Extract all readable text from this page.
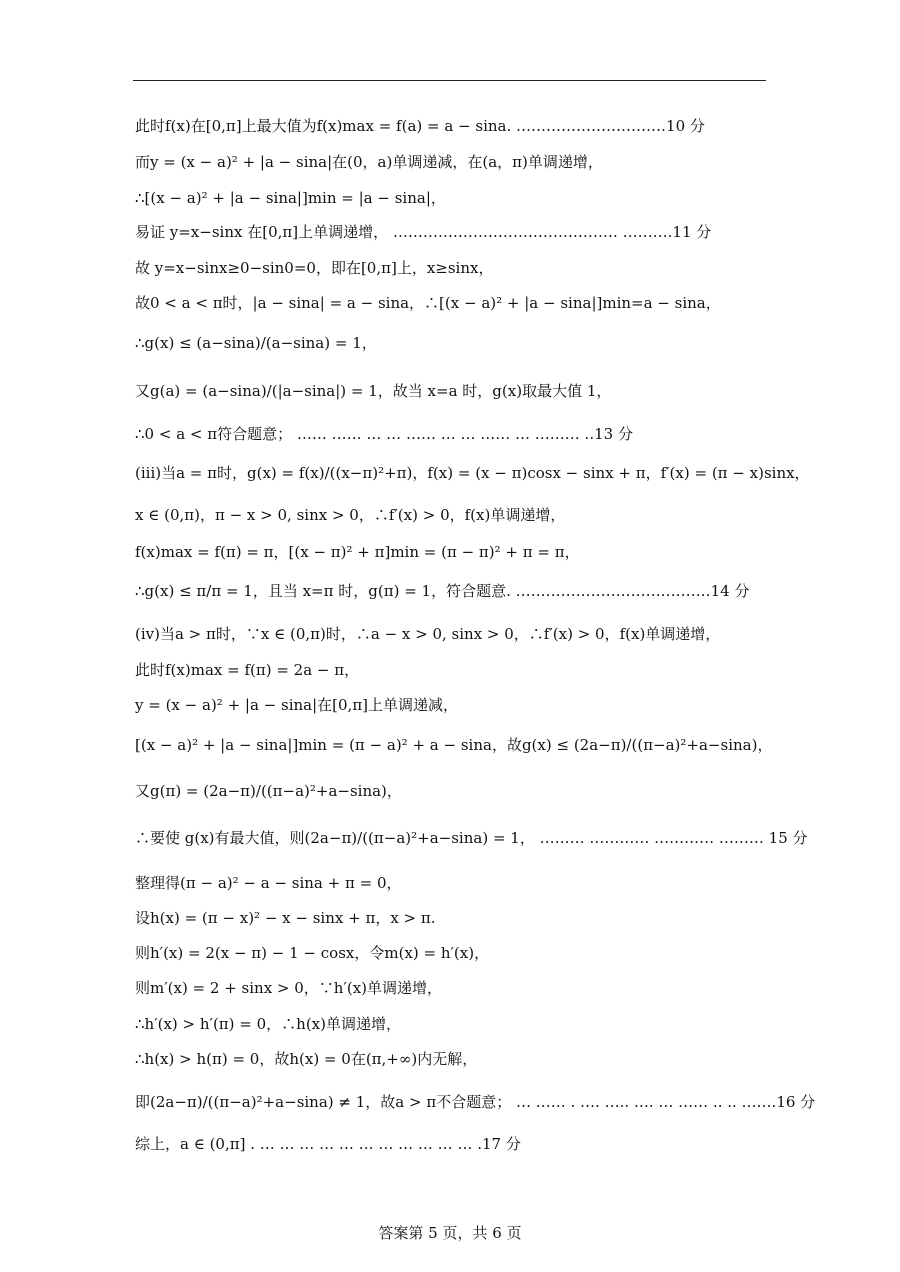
此时f(x)在[0,π]上最大值为f(x)max = f(a) = a − sina. …………………………10 分
而y = (x − a)² + |a − sina|在(0，a)单调递减，在(a，π)单调递增，
∴[(x − a)² + |a − sina|]min = |a − sina|，
易证 y=x−sinx 在[0,π]上单调递增， ……………………………………… ……….11 分
故 y=x−sinx≥0−sin0=0，即在[0,π]上，x≥sinx，
故0 < a < π时，|a − sina| = a − sina，∴[(x − a)² + |a − sina|]min=a − sina，
∴g(x) ≤ (a−sina)/(a−sina) = 1，
又g(a) = (a−sina)/(|a−sina|) = 1，故当 x=a 时，g(x)取最大值 1，
∴0 < a < π符合题意； …… …… … … …… … … …… … ……… ..13 分
(iii)当a = π时，g(x) = f(x)/((x−π)²+π)，f(x) = (x − π)cosx − sinx + π，f′(x) = (π − x)sinx，
x ∈ (0,π)，π − x > 0, sinx > 0，∴f′(x) > 0，f(x)单调递增，
f(x)max = f(π) = π，[(x − π)² + π]min = (π − π)² + π = π，
∴g(x) ≤ π/π = 1，且当 x=π 时，g(π) = 1，符合题意. …………………………………14 分
(iv)当a > π时，∵x ∈ (0,π)时，∴a − x > 0, sinx > 0，∴f′(x) > 0，f(x)单调递增，
此时f(x)max = f(π) = 2a − π，
y = (x − a)² + |a − sina|在[0,π]上单调递减，
[(x − a)² + |a − sina|]min = (π − a)² + a − sina，故g(x) ≤ (2a−π)/((π−a)²+a−sina)，
又g(π) = (2a−π)/((π−a)²+a−sina)，
∴要使 g(x)有最大值，则(2a−π)/((π−a)²+a−sina) = 1， ……… ………… ………… ……… 15 分
整理得(π − a)² − a − sina + π = 0，
设h(x) = (π − x)² − x − sinx + π，x > π.
则h′(x) = 2(x − π) − 1 − cosx，令m(x) = h′(x)，
则m′(x) = 2 + sinx > 0，∵h′(x)单调递增，
∴h′(x) > h′(π) = 0，∴h(x)单调递增，
∴h(x) > h(π) = 0，故h(x) = 0在(π,+∞)内无解，
即(2a−π)/((π−a)²+a−sina) ≠ 1，故a > π不合题意； … …… . …. ….. …. … …… .. .. …….16 分
综上，a ∈ (0,π] . … … … … … … … … … … … .17 分
答案第 5 页，共 6 页
